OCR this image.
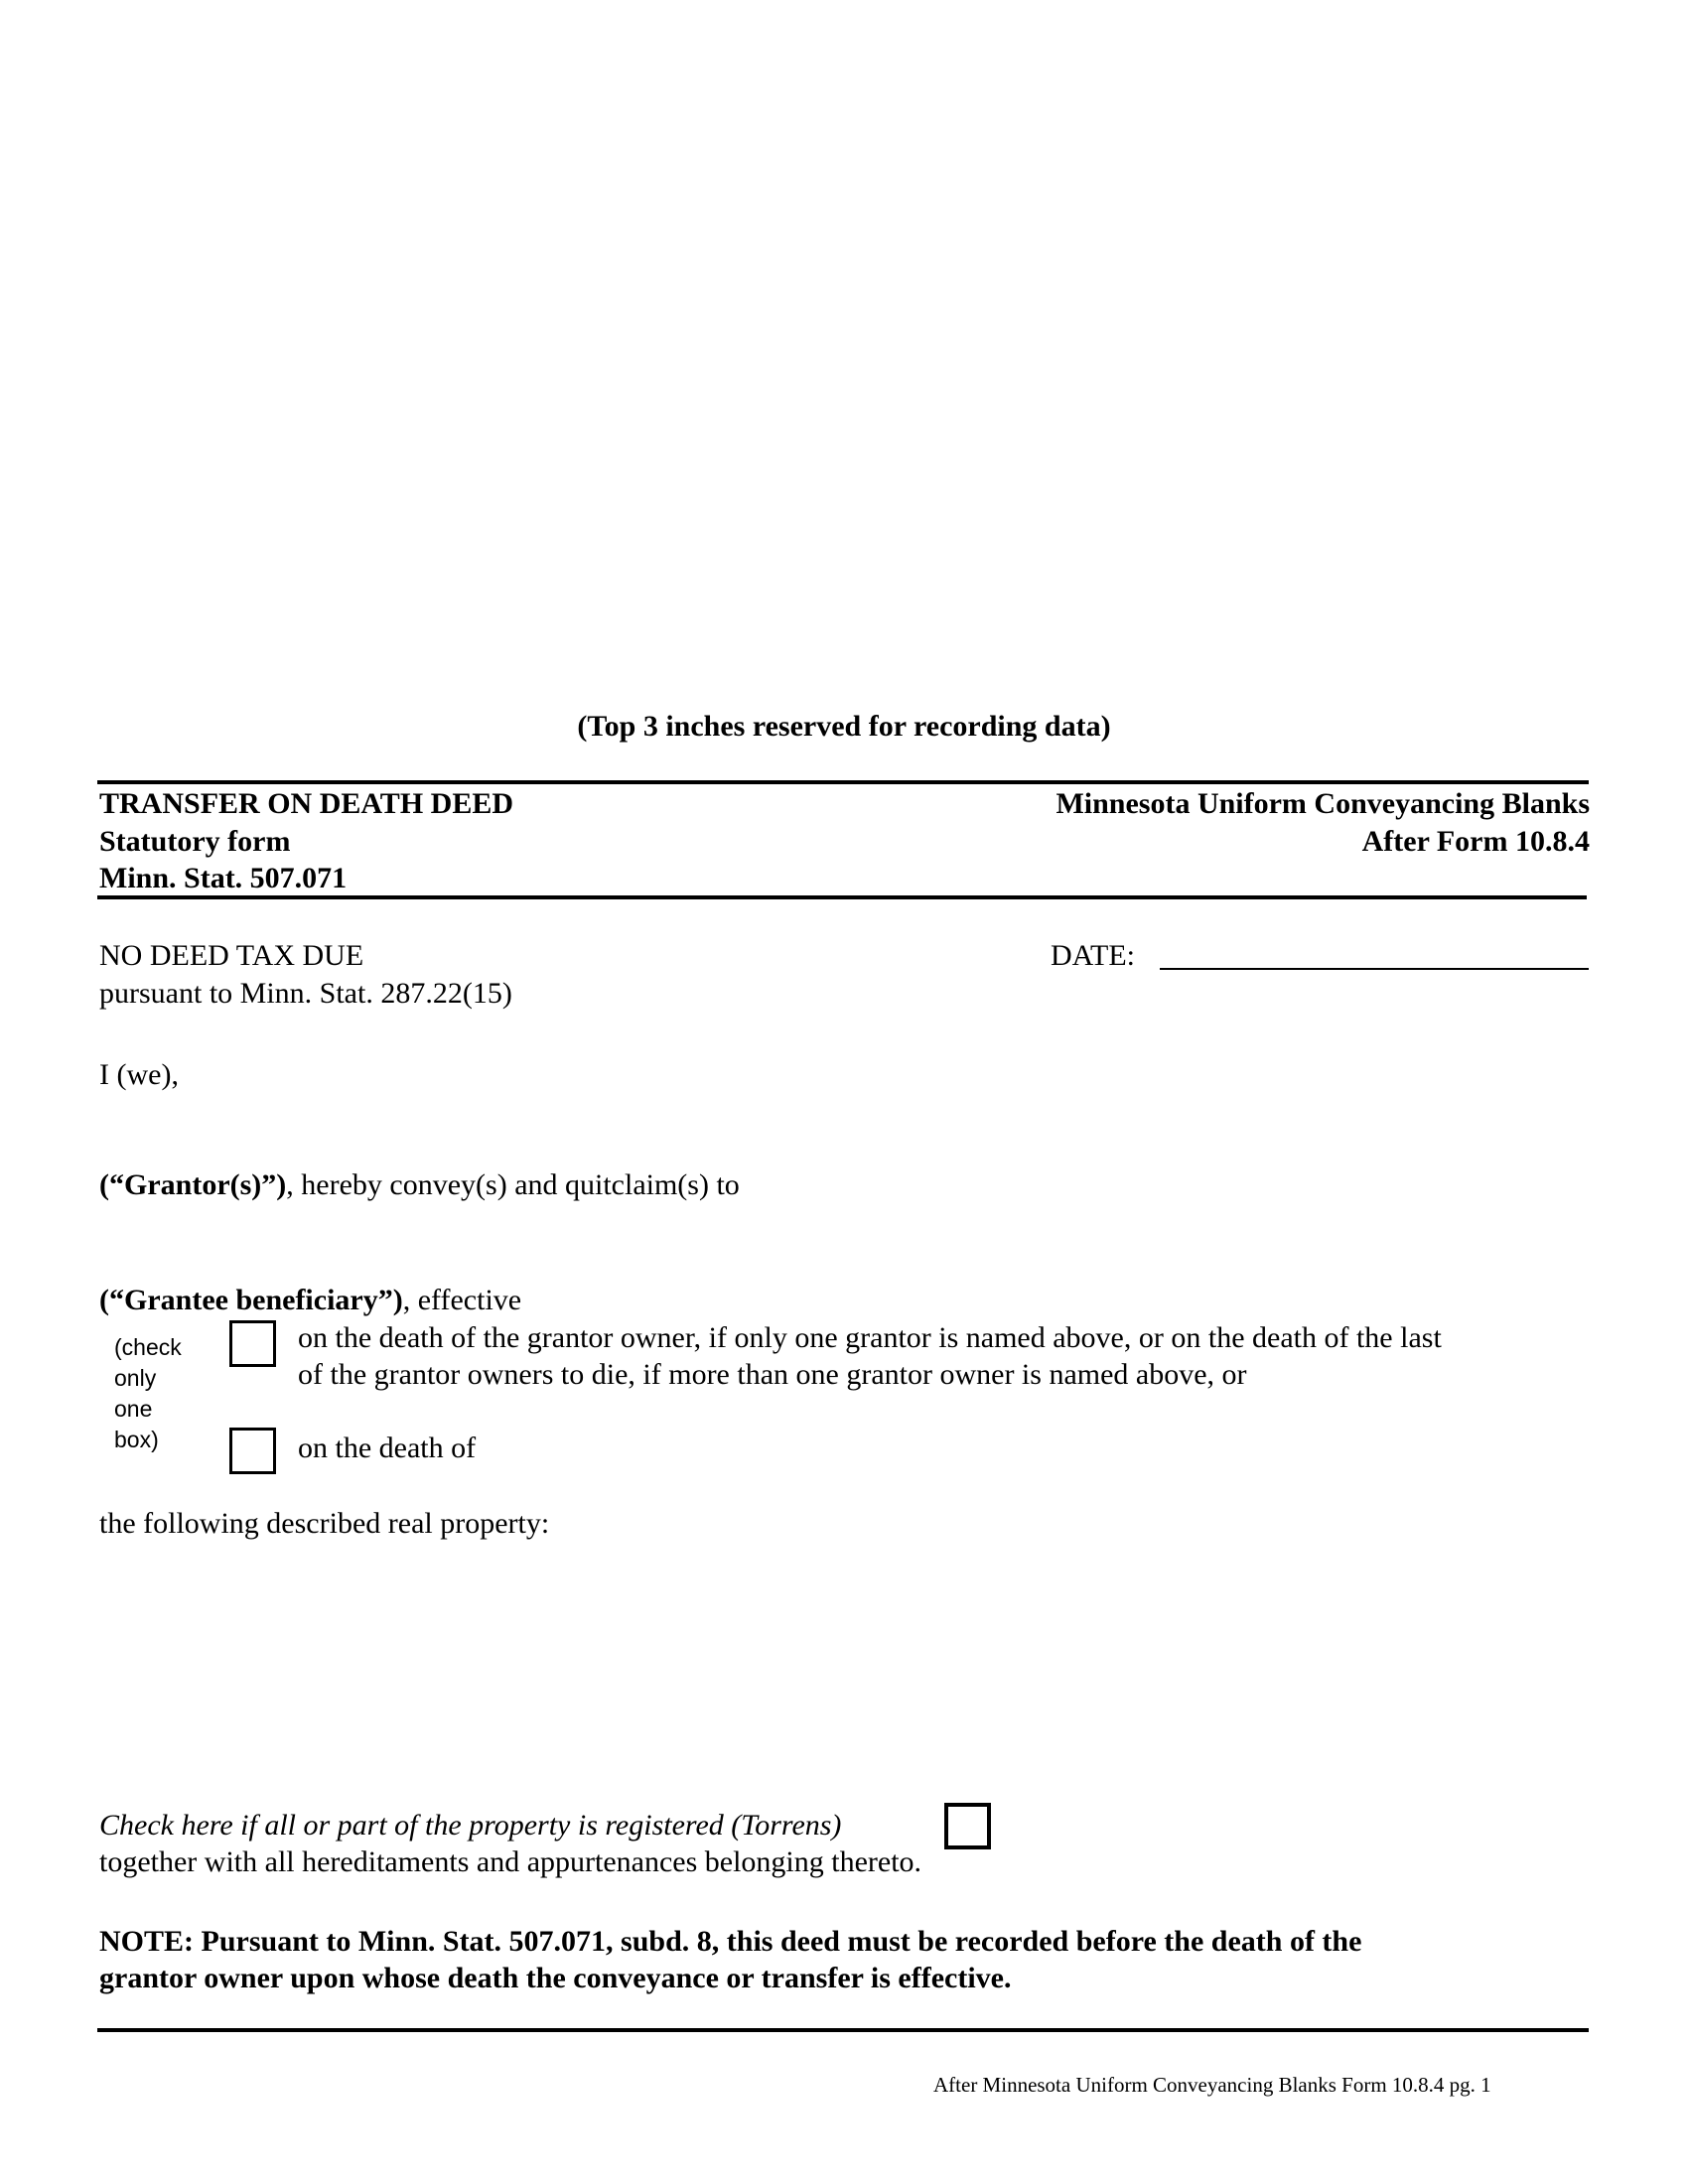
(Top 3 inches reserved for recording data)
TRANSFER ON DEATH DEED
Statutory form
Minn. Stat. 507.071
Minnesota Uniform Conveyancing Blanks
After Form 10.8.4
NO DEED TAX DUE
pursuant to Minn. Stat. 287.22(15)
DATE:
I (we),
(“Grantor(s)”), hereby convey(s) and quitclaim(s) to
(“Grantee beneficiary”), effective
(check
only
one
box)
on the death of the grantor owner, if only one grantor is named above, or on the death of the last
of the grantor owners to die, if more than one grantor owner is named above, or
on the death of
the following described real property:
Check here if all or part of the property is registered (Torrens)
together with all hereditaments and appurtenances belonging thereto.
NOTE: Pursuant to Minn. Stat. 507.071, subd. 8, this deed must be recorded before the death of the
grantor owner upon whose death the conveyance or transfer is effective.
After Minnesota Uniform Conveyancing Blanks Form 10.8.4 pg. 1
